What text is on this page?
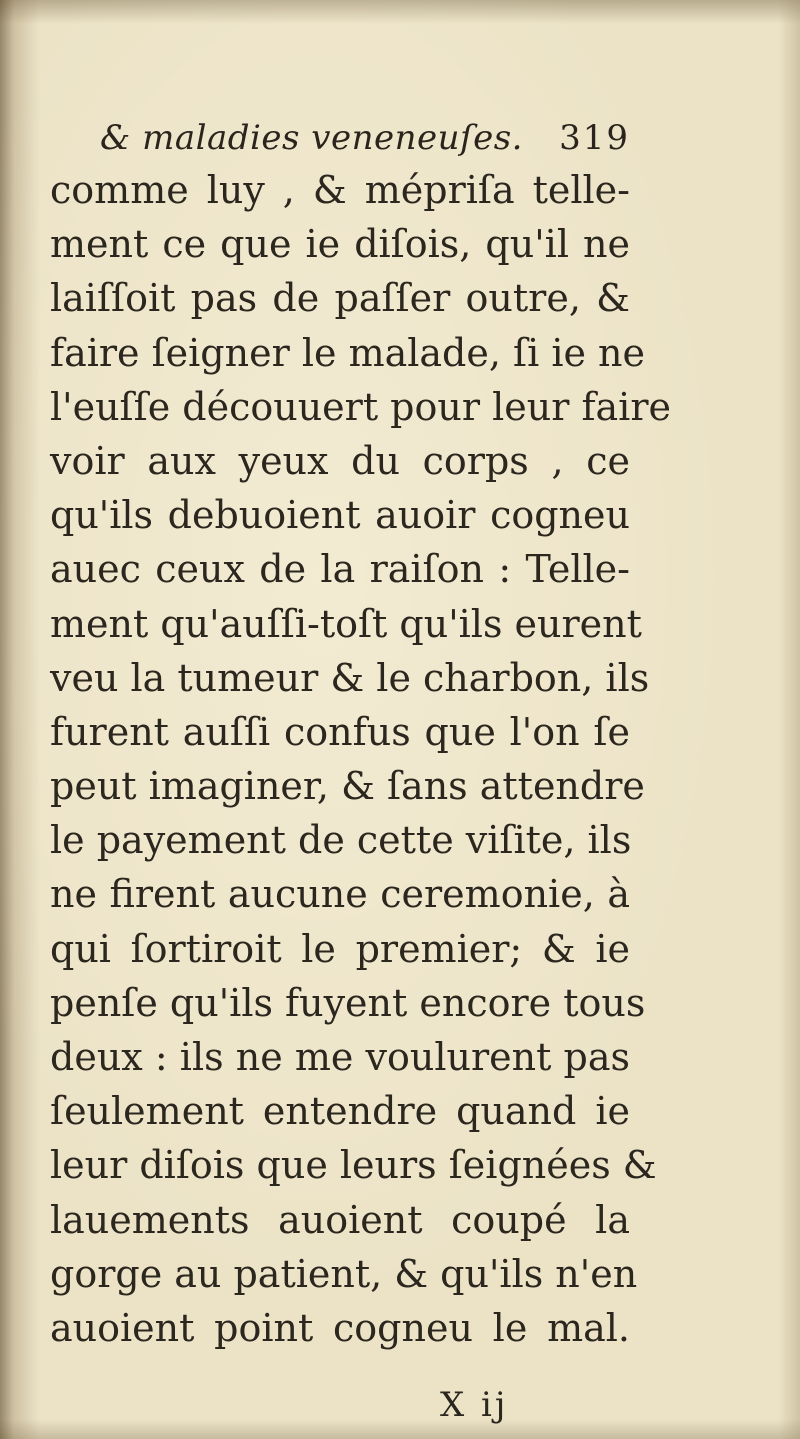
& maladies veneneuſes. 319
comme luy , & mépriſa telle-
ment ce que ie diſois, qu'il ne
laiſſoit pas de paſſer outre, &
faire ſeigner le malade, ſi ie ne
l'euſſe découuert pour leur faire
voir aux yeux du corps , ce
qu'ils debuoient auoir cogneu
auec ceux de la raiſon : Telle-
ment qu'auſſi-toſt qu'ils eurent
veu la tumeur & le charbon, ils
furent auſſi confus que l'on ſe
peut imaginer, & ſans attendre
le payement de cette viſite, ils
ne firent aucune ceremonie, à
qui ſortiroit le premier; & ie
penſe qu'ils fuyent encore tous
deux : ils ne me voulurent pas
ſeulement entendre quand ie
leur diſois que leurs ſeignées &
lauements auoient coupé la
gorge au patient, & qu'ils n'en
auoient point cogneu le mal.
X ij
